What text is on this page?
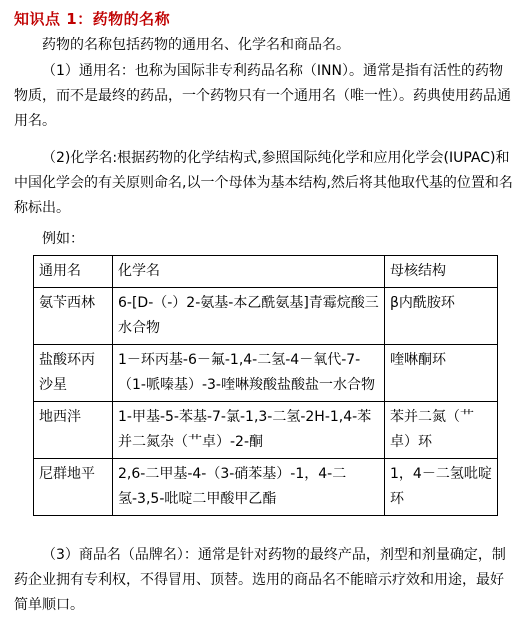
知识点 1：药物的名称

药物的名称包括药物的通用名、化学名和商品名。

（1）通用名：也称为国际非专利药品名称（INN）。通常是指有活性的药物物质，而不是最终的药品，一个药物只有一个通用名（唯一性）。药典使用药品通用名。

（2)化学名:根据药物的化学结构式,参照国际纯化学和应用化学会(IUPAC)和中国化学会的有关原则命名,以一个母体为基本结构,然后将其他取代基的位置和名称标出。

例如：
通用名	化学名	母核结构
氨苄西林	6-[D-（-）2-氨基-本乙酰氨基]青霉烷酸三水合物	β内酰胺环
盐酸环丙沙星	1－环丙基-6－氟-1,4-二氢-4－氧代-7-（1-哌嗪基）-3-喹啉羧酸盐酸盐一水合物	喹啉酮环
地西泮	1-甲基-5-苯基-7-氯-1,3-二氢-2H-1,4-苯并二氮杂（艹卓）-2-酮	苯并二氮（艹卓）环
尼群地平	2,6-二甲基-4-（3-硝苯基）-1，4-二氢-3,5-吡啶二甲酸甲乙酯	1，4－二氢吡啶环

（3）商品名（品牌名）：通常是针对药物的最终产品，剂型和剂量确定，制药企业拥有专利权，不得冒用、顶替。选用的商品名不能暗示疗效和用途，最好简单顺口。
